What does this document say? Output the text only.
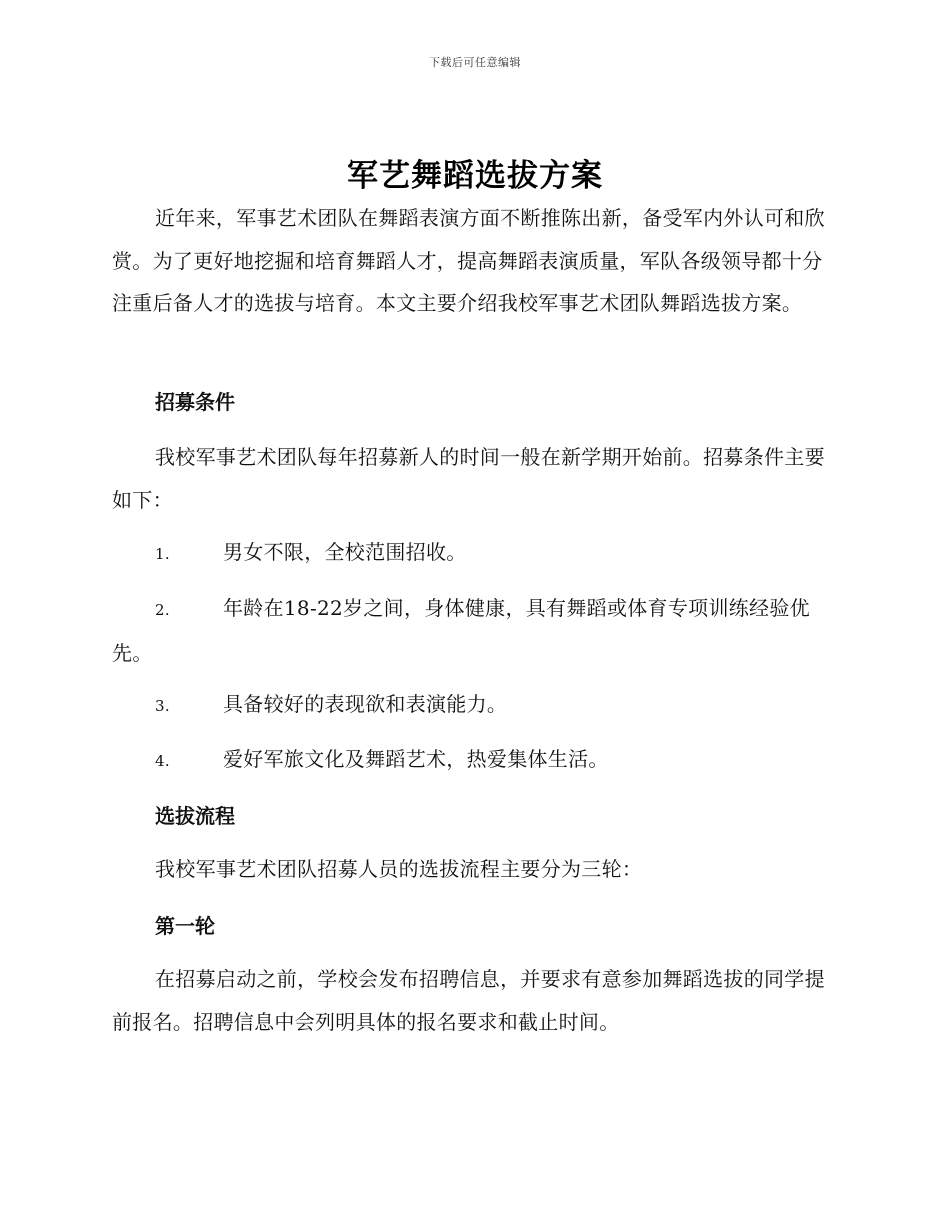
下载后可任意编辑
军艺舞蹈选拔方案
近年来，军事艺术团队在舞蹈表演方面不断推陈出新，备受军内外认可和欣赏。为了更好地挖掘和培育舞蹈人才，提高舞蹈表演质量，军队各级领导都十分注重后备人才的选拔与培育。本文主要介绍我校军事艺术团队舞蹈选拔方案。
招募条件
我校军事艺术团队每年招募新人的时间一般在新学期开始前。招募条件主要如下：
1.	男女不限，全校范围招收。
2.	年龄在18-22岁之间，身体健康，具有舞蹈或体育专项训练经验优先。
3.	具备较好的表现欲和表演能力。
4.	爱好军旅文化及舞蹈艺术，热爱集体生活。
选拔流程
我校军事艺术团队招募人员的选拔流程主要分为三轮：
第一轮
在招募启动之前，学校会发布招聘信息，并要求有意参加舞蹈选拔的同学提前报名。招聘信息中会列明具体的报名要求和截止时间。
